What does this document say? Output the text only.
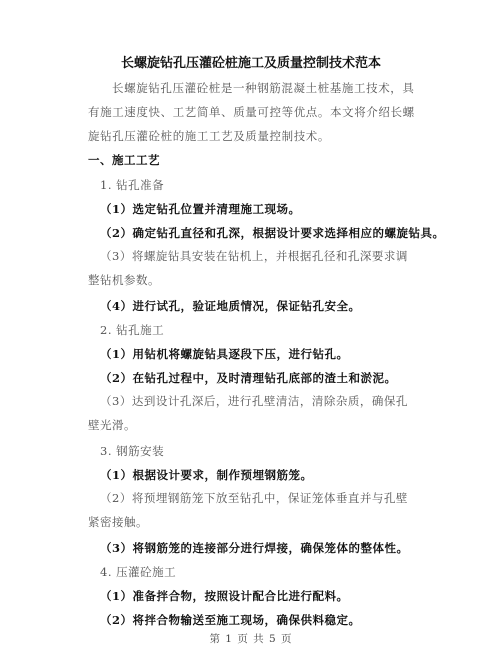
长螺旋钻孔压灌砼桩施工及质量控制技术范本
长螺旋钻孔压灌砼桩是一种钢筋混凝土桩基施工技术，具有施工速度快、工艺简单、质量可控等优点。本文将介绍长螺旋钻孔压灌砼桩的施工工艺及质量控制技术。
一、施工工艺
1. 钻孔准备
（1）选定钻孔位置并清理施工现场。
（2）确定钻孔直径和孔深，根据设计要求选择相应的螺旋钻具。
（3）将螺旋钻具安装在钻机上，并根据孔径和孔深要求调整钻机参数。
（4）进行试孔，验证地质情况，保证钻孔安全。
2. 钻孔施工
（1）用钻机将螺旋钻具逐段下压，进行钻孔。
（2）在钻孔过程中，及时清理钻孔底部的渣土和淤泥。
（3）达到设计孔深后，进行孔壁清洁，清除杂质，确保孔壁光滑。
3. 钢筋安装
（1）根据设计要求，制作预埋钢筋笼。
（2）将预埋钢筋笼下放至钻孔中，保证笼体垂直并与孔壁紧密接触。
（3）将钢筋笼的连接部分进行焊接，确保笼体的整体性。
4. 压灌砼施工
（1）准备拌合物，按照设计配合比进行配料。
（2）将拌合物输送至施工现场，确保供料稳定。
第 1 页 共 5 页
